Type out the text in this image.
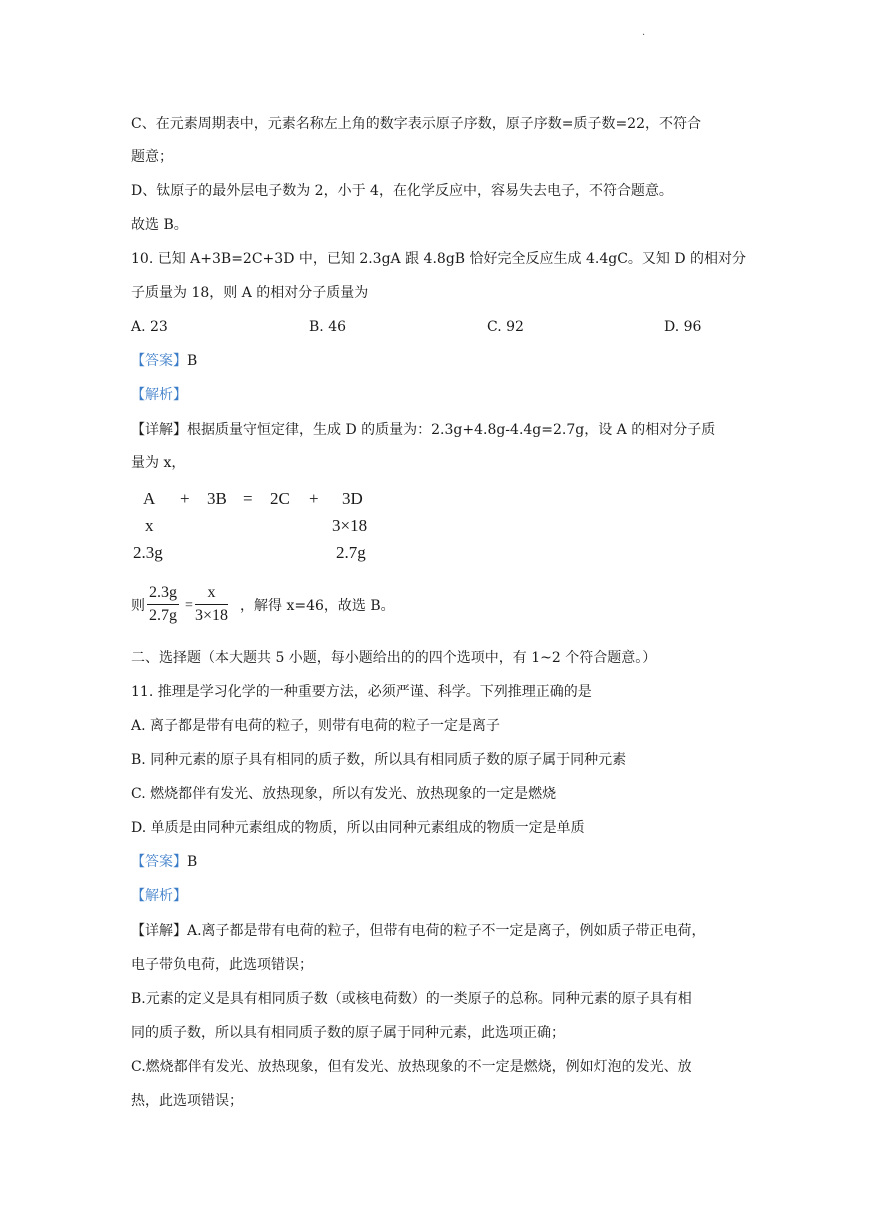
·
C、在元素周期表中，元素名称左上角的数字表示原子序数，原子序数=质子数=22，不符合
题意；
D、钛原子的最外层电子数为 2，小于 4，在化学反应中，容易失去电子，不符合题意。
故选 B。
10. 已知 A+3B=2C+3D 中，已知 2.3gA 跟 4.8gB 恰好完全反应生成 4.4gC。又知 D 的相对分
子质量为 18，则 A 的相对分子质量为
A. 23	B. 46	C. 92	D. 96
【答案】B
【解析】
【详解】根据质量守恒定律，生成 D 的质量为：2.3g+4.8g-4.4g=2.7g，设 A 的相对分子质
量为 x，
A + 3B = 2C + 3D
x	3×18
2.3g	2.7g
则 $\frac{2.3g}{2.7g} = \frac{x}{3\times 18}$ ，解得 x=46，故选 B。
二、选择题（本大题共 5 小题，每小题给出的的四个选项中，有 1~2 个符合题意。）
11. 推理是学习化学的一种重要方法，必须严谨、科学。下列推理正确的是
A. 离子都是带有电荷的粒子，则带有电荷的粒子一定是离子
B. 同种元素的原子具有相同的质子数，所以具有相同质子数的原子属于同种元素
C. 燃烧都伴有发光、放热现象，所以有发光、放热现象的一定是燃烧
D. 单质是由同种元素组成的物质，所以由同种元素组成的物质一定是单质
【答案】B
【解析】
【详解】A.离子都是带有电荷的粒子，但带有电荷的粒子不一定是离子，例如质子带正电荷，
电子带负电荷，此选项错误；
B.元素的定义是具有相同质子数（或核电荷数）的一类原子的总称。同种元素的原子具有相
同的质子数，所以具有相同质子数的原子属于同种元素，此选项正确；
C.燃烧都伴有发光、放热现象，但有发光、放热现象的不一定是燃烧，例如灯泡的发光、放
热，此选项错误；
